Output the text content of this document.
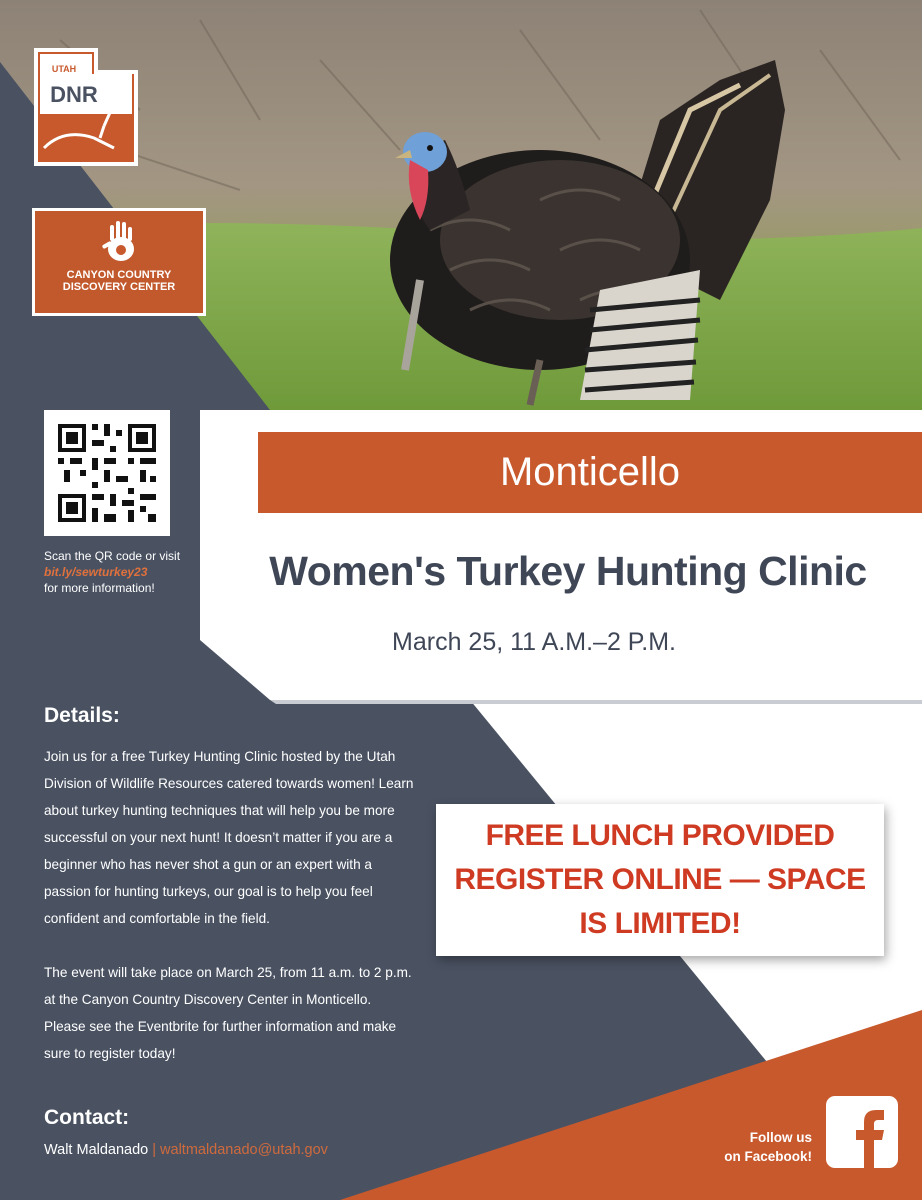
UTAH
DNR
CANYON COUNTRY
DISCOVERY CENTER
Scan the QR code or visit
bit.ly/sewturkey23
for more information!
Monticello
Women's Turkey Hunting Clinic
March 25, 11 A.M.–2 P.M.
Details:

Join us for a free Turkey Hunting Clinic hosted by the Utah Division of Wildlife Resources catered towards women! Learn about turkey hunting techniques that will help you be more successful on your next hunt! It doesn’t matter if you are a beginner who has never shot a gun or an expert with a passion for hunting turkeys, our goal is to help you feel confident and comfortable in the field.

The event will take place on March 25, from 11 a.m. to 2 p.m. at the Canyon Country Discovery Center in Monticello. Please see the Eventbrite for further information and make sure to register today!

FREE LUNCH PROVIDED
REGISTER ONLINE — SPACE
IS LIMITED!
Contact:
Walt Maldanado | waltmaldanado@utah.gov
Follow us
on Facebook!
